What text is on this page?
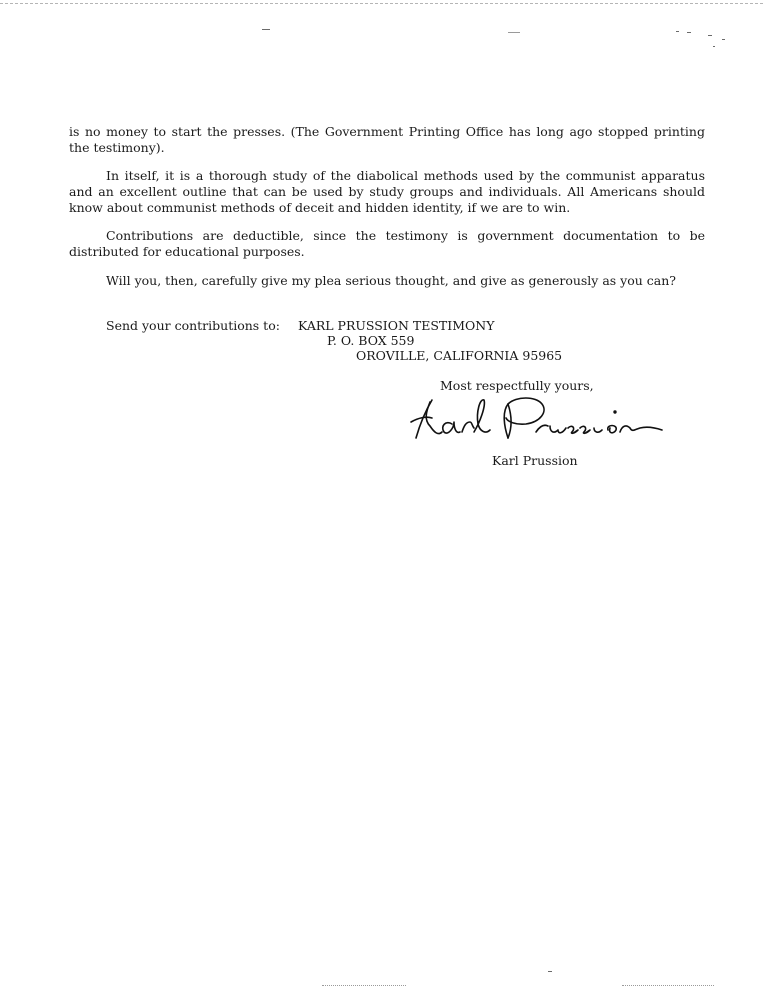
is no money to start the presses. (The Government Printing Office has long ago stopped printing the testimony).
In itself, it is a thorough study of the diabolical methods used by the communist apparatus and an excellent outline that can be used by study groups and individuals. All Americans should know about communist methods of deceit and hidden identity, if we are to win.
Contributions are deductible, since the testimony is government documentation to be distributed for educational purposes.
Will you, then, carefully give my plea serious thought, and give as generously as you can?
Send your contributions to: KARL PRUSSION TESTIMONY
P. O. BOX 559
OROVILLE, CALIFORNIA 95965
Most respectfully yours,
Karl Prussion
